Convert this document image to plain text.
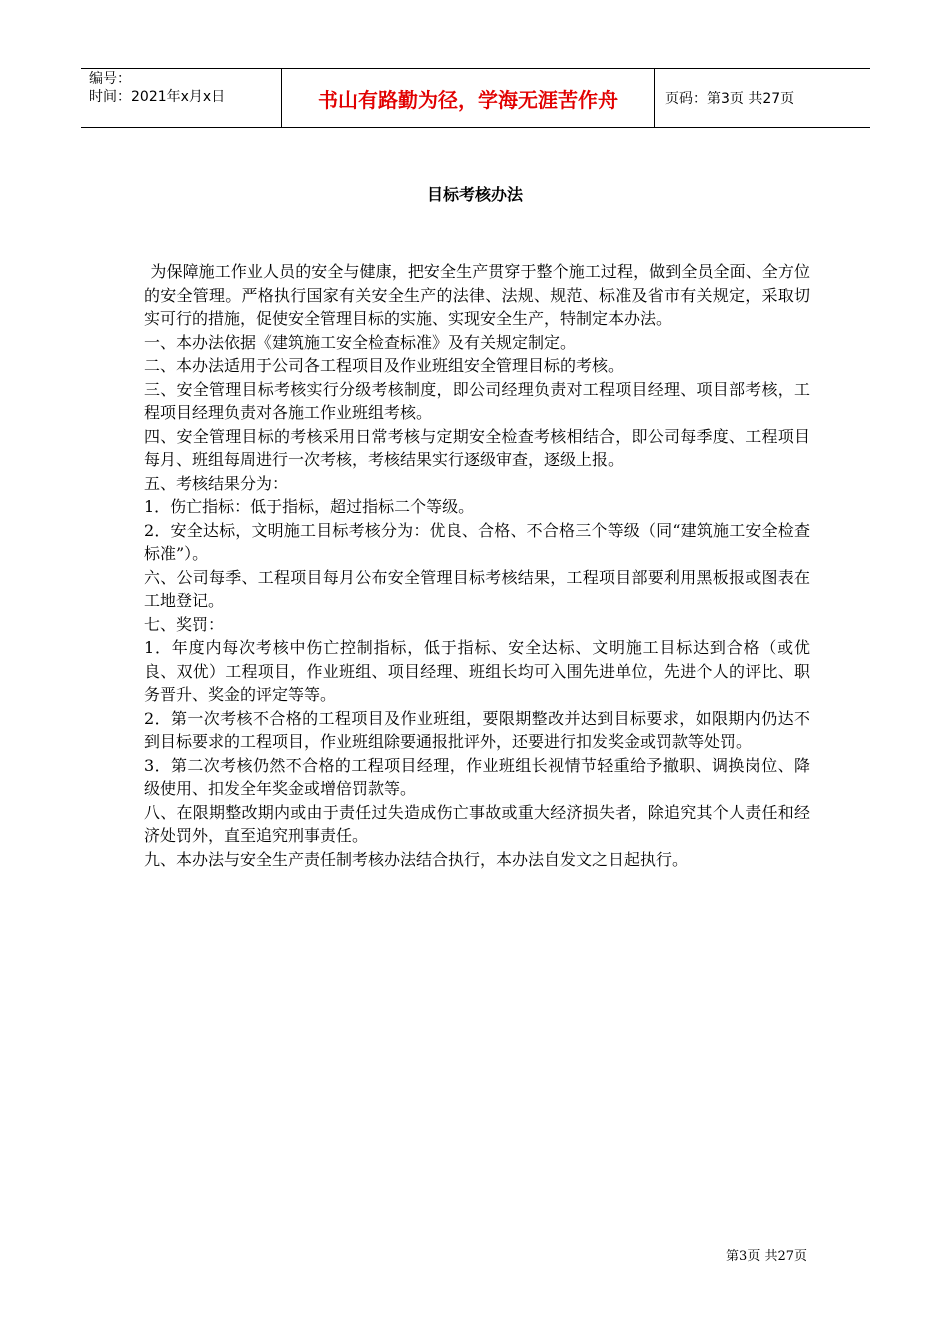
编号：
时间：2021年x月x日	书山有路勤为径，学海无涯苦作舟	页码：第3页 共27页
目标考核办法

为保障施工作业人员的安全与健康，把安全生产贯穿于整个施工过程，做到全员全面、全方位的安全管理。严格执行国家有关安全生产的法律、法规、规范、标准及省市有关规定，采取切实可行的措施，促使安全管理目标的实施、实现安全生产，特制定本办法。

一、本办法依据《建筑施工安全检查标准》及有关规定制定。

二、本办法适用于公司各工程项目及作业班组安全管理目标的考核。

三、安全管理目标考核实行分级考核制度，即公司经理负责对工程项目经理、项目部考核，工程项目经理负责对各施工作业班组考核。

四、安全管理目标的考核采用日常考核与定期安全检查考核相结合，即公司每季度、工程项目每月、班组每周进行一次考核，考核结果实行逐级审查，逐级上报。

五、考核结果分为：

1．伤亡指标：低于指标，超过指标二个等级。

2．安全达标，文明施工目标考核分为：优良、合格、不合格三个等级（同“建筑施工安全检查标准”）。

六、公司每季、工程项目每月公布安全管理目标考核结果，工程项目部要利用黑板报或图表在工地登记。

七、奖罚：

1．年度内每次考核中伤亡控制指标，低于指标、安全达标、文明施工目标达到合格（或优良、双优）工程项目，作业班组、项目经理、班组长均可入围先进单位，先进个人的评比、职务晋升、奖金的评定等等。

2．第一次考核不合格的工程项目及作业班组，要限期整改并达到目标要求，如限期内仍达不到目标要求的工程项目，作业班组除要通报批评外，还要进行扣发奖金或罚款等处罚。

3．第二次考核仍然不合格的工程项目经理，作业班组长视情节轻重给予撤职、调换岗位、降级使用、扣发全年奖金或增倍罚款等。

八、在限期整改期内或由于责任过失造成伤亡事故或重大经济损失者，除追究其个人责任和经济处罚外，直至追究刑事责任。

九、本办法与安全生产责任制考核办法结合执行，本办法自发文之日起执行。

第3页 共27页
